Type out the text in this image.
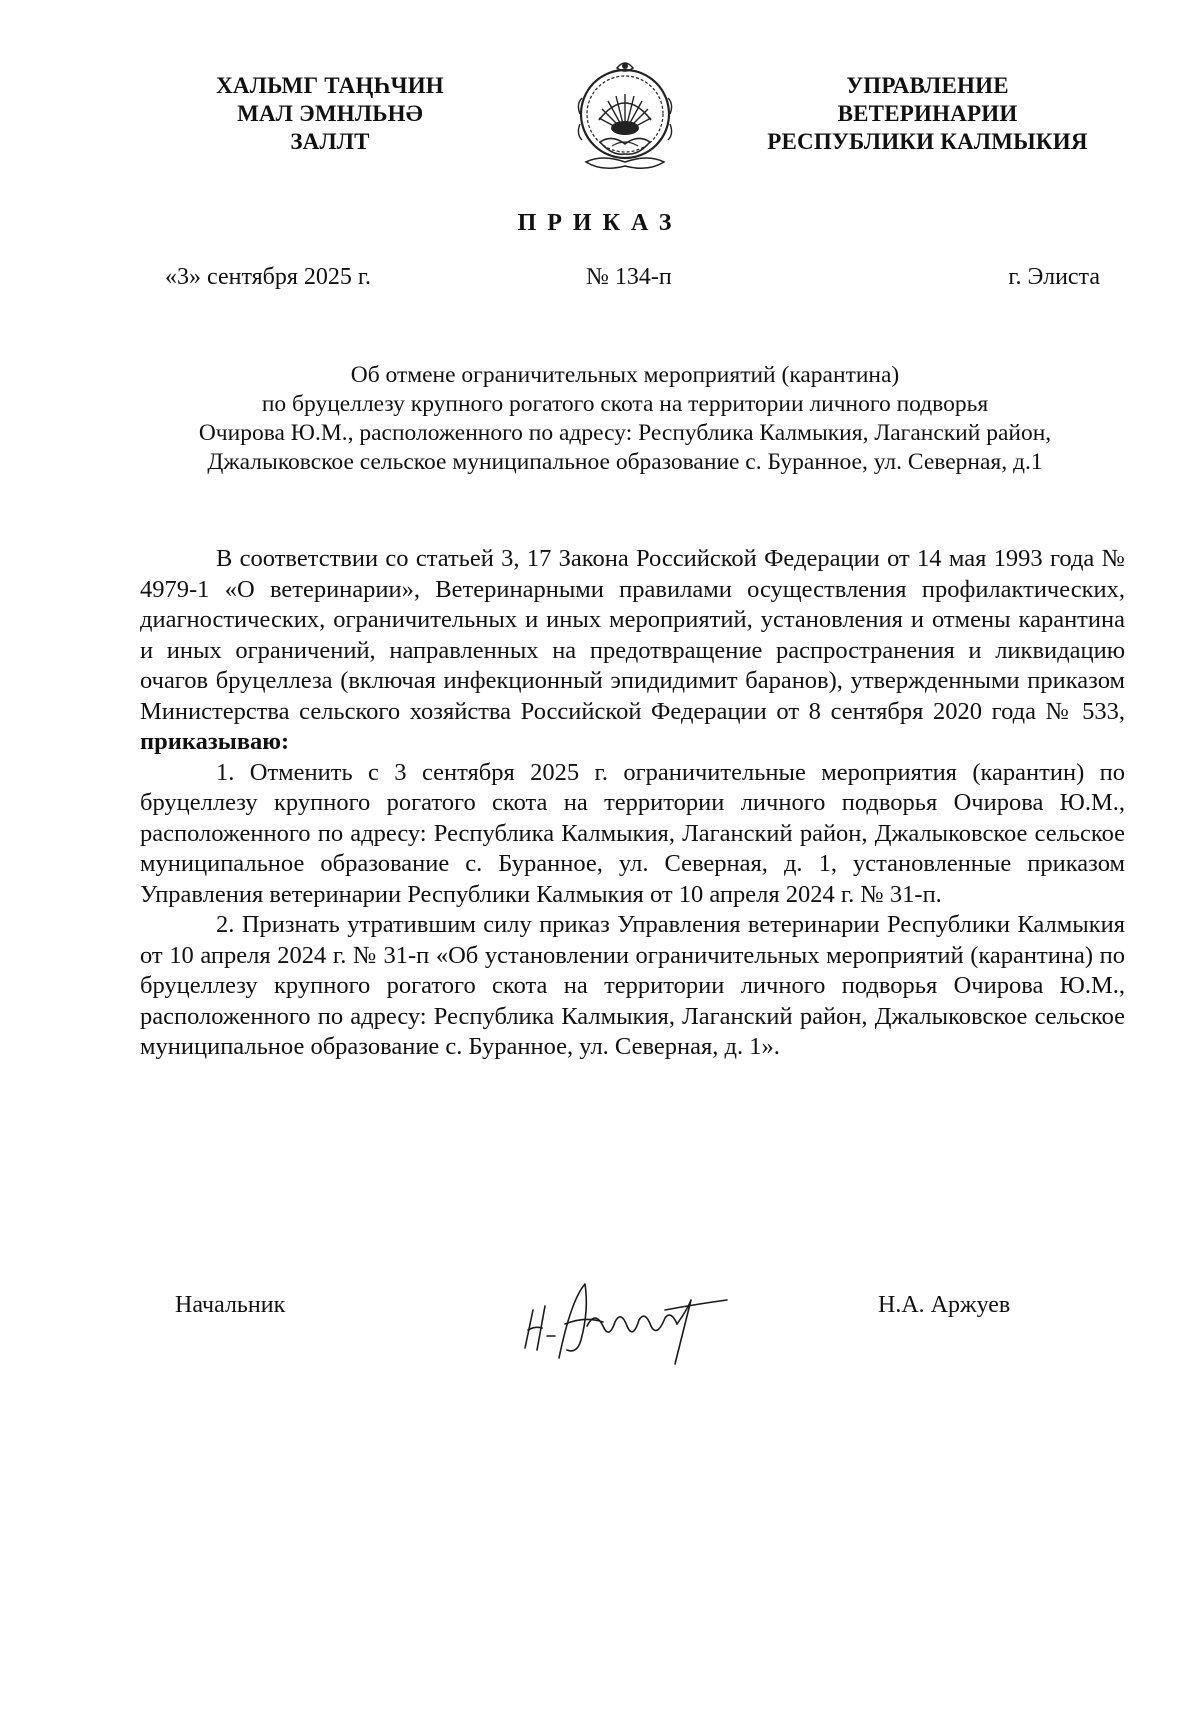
ХАЛЬМГ ТАҢҺЧИН
МАЛ ЭМНЛЬНӘ
ЗАЛЛТ
УПРАВЛЕНИЕ
ВЕТЕРИНАРИИ
РЕСПУБЛИКИ КАЛМЫКИЯ
ПРИКАЗ
«3» сентября 2025 г.	№ 134-п	г. Элиста
Об отмене ограничительных мероприятий (карантина)
по бруцеллезу крупного рогатого скота на территории личного подворья
Очирова Ю.М., расположенного по адресу: Республика Калмыкия, Лаганский район,
Джалыковское сельское муниципальное образование с. Буранное, ул. Северная, д.1

В соответствии со статьей 3, 17 Закона Российской Федерации от 14 мая 1993 года № 4979-1 «О ветеринарии», Ветеринарными правилами осуществления профилактических, диагностических, ограничительных и иных мероприятий, установления и отмены карантина и иных ограничений, направленных на предотвращение распространения и ликвидацию очагов бруцеллеза (включая инфекционный эпидидимит баранов), утвержденными приказом Министерства сельского хозяйства Российской Федерации от 8 сентября 2020 года № 533, приказываю:

1. Отменить с 3 сентября 2025 г. ограничительные мероприятия (карантин) по бруцеллезу крупного рогатого скота на территории личного подворья Очирова Ю.М., расположенного по адресу: Республика Калмыкия, Лаганский район, Джалыковское сельское муниципальное образование с. Буранное, ул. Северная, д. 1, установленные приказом Управления ветеринарии Республики Калмыкия от 10 апреля 2024 г. № 31-п.

2. Признать утратившим силу приказ Управления ветеринарии Республики Калмыкия от 10 апреля 2024 г. № 31-п «Об установлении ограничительных мероприятий (карантина) по бруцеллезу крупного рогатого скота на территории личного подворья Очирова Ю.М., расположенного по адресу: Республика Калмыкия, Лаганский район, Джалыковское сельское муниципальное образование с. Буранное, ул. Северная, д. 1».

Начальник	Н.А. Аржуев
